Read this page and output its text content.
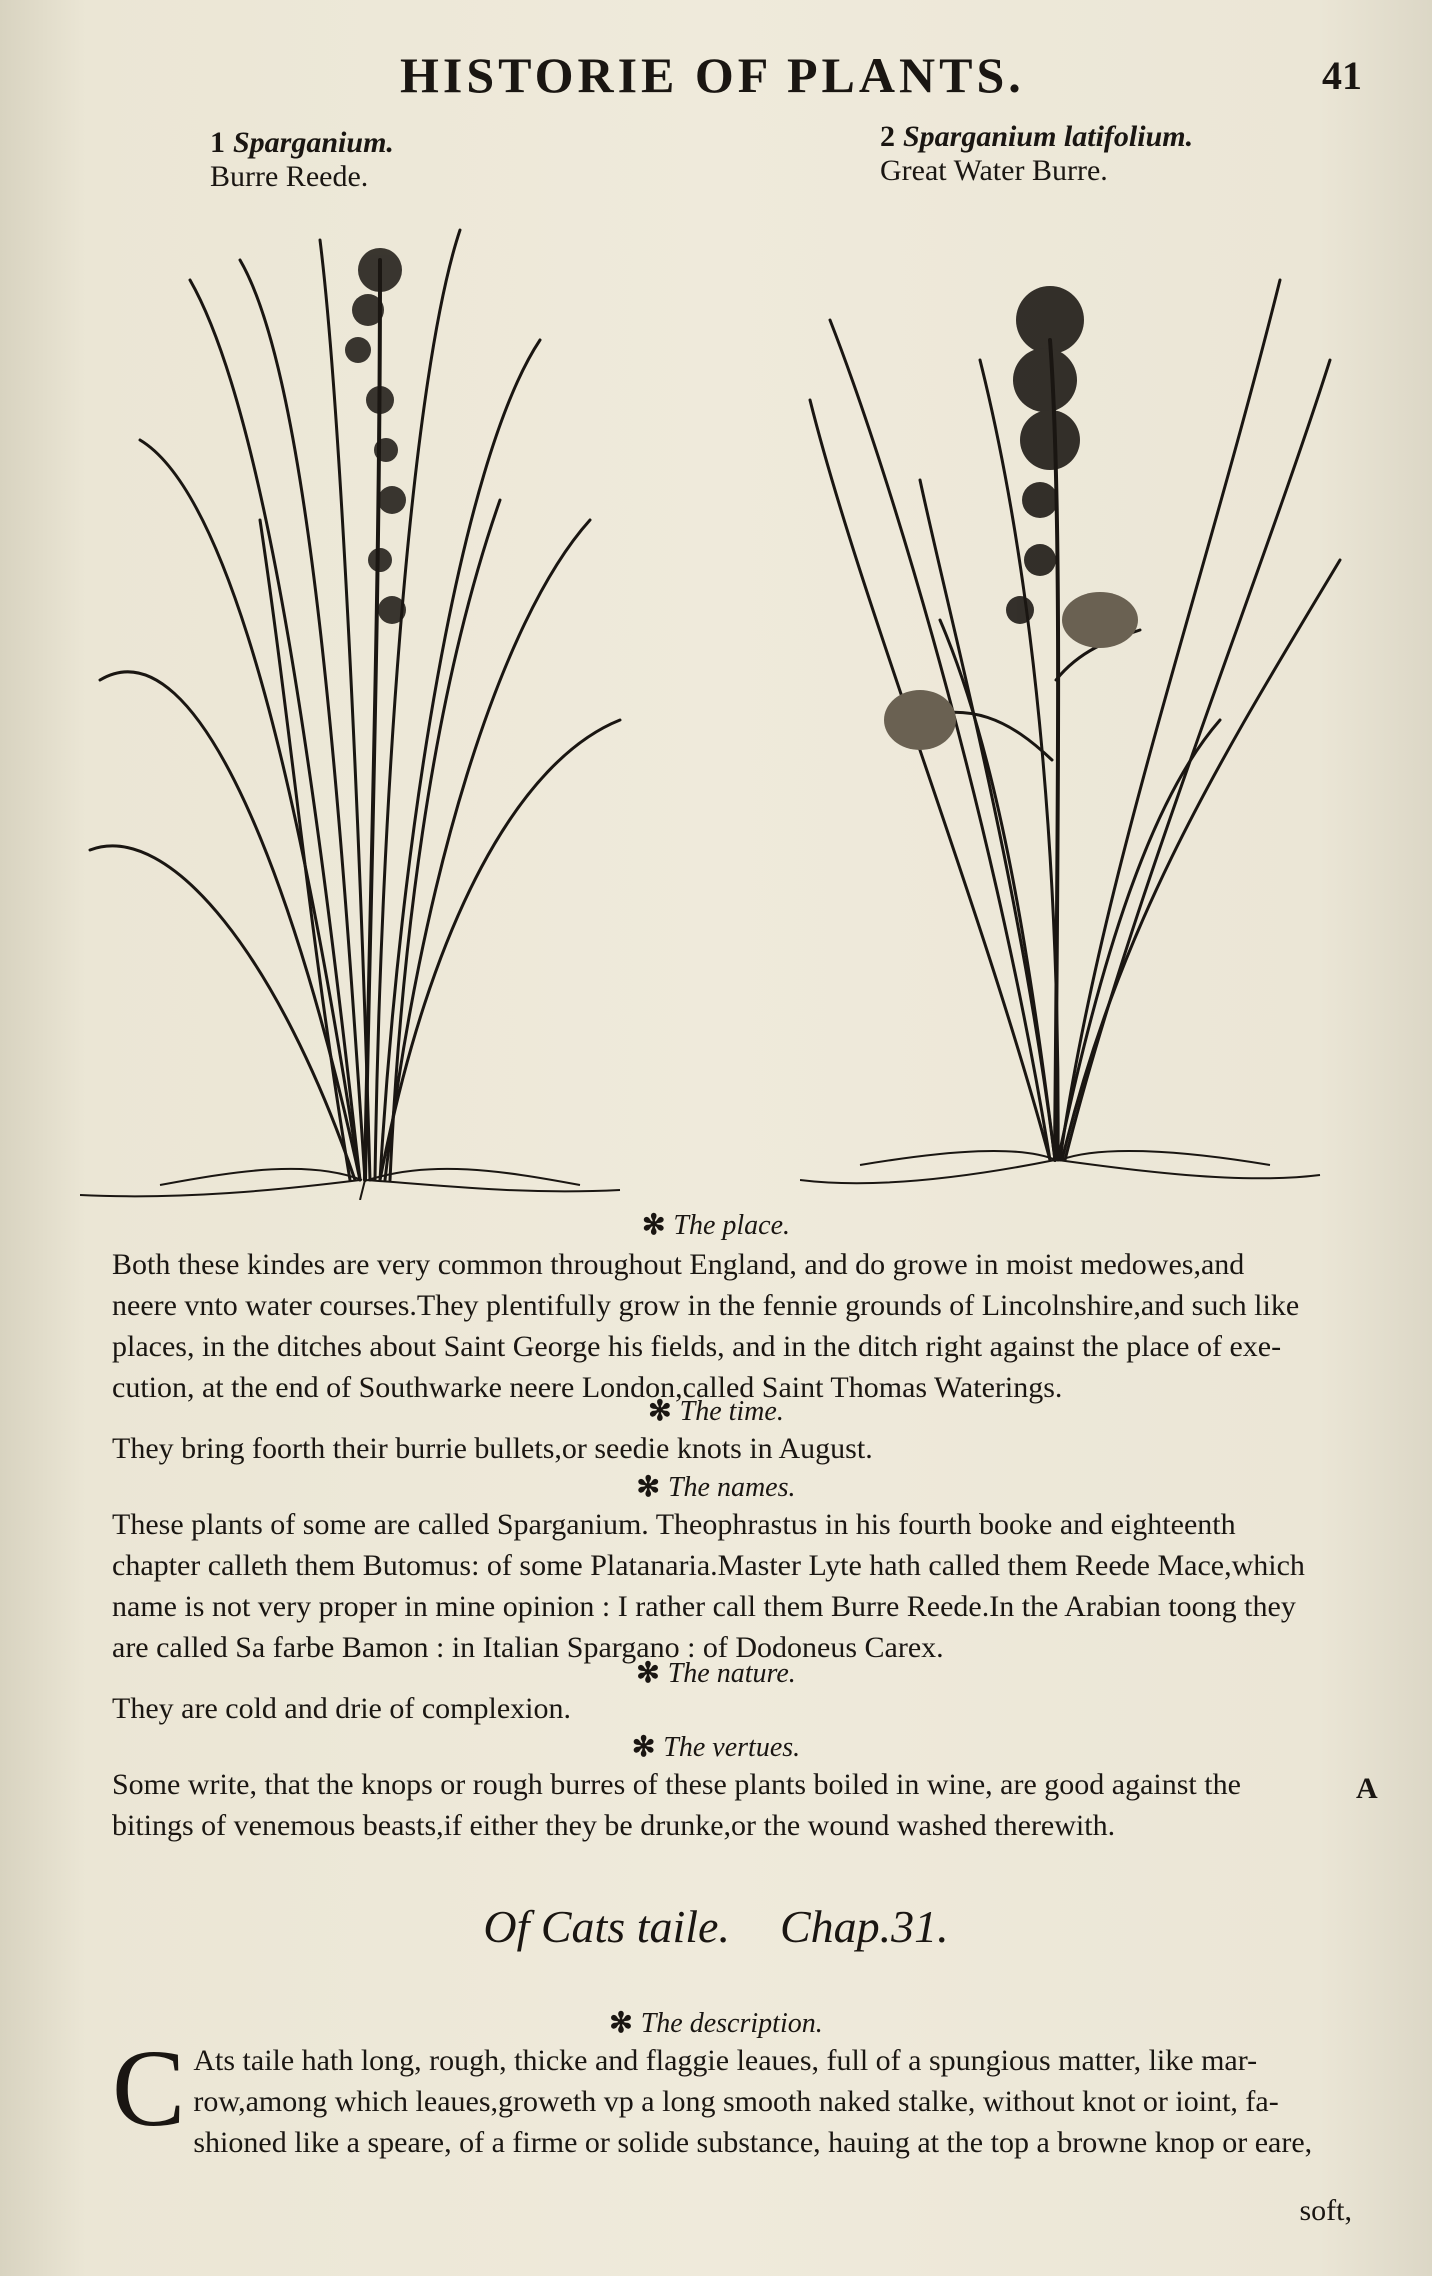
HISTORIE OF PLANTS.	41
1 Sparganium.
Burre Reede.
2 Sparganium latifolium.
Great Water Burre.
✻ The place.

Both these kindes are very common throughout England, and do growe in moist medowes,and

neere vnto water courses.They plentifully grow in the fennie grounds of Lincolnshire,and such like

places, in the ditches about Saint George his fields, and in the ditch right against the place of exe-

cution, at the end of Southwarke neere London,called Saint Thomas Waterings.

✻ The time.

They bring foorth their burrie bullets,or seedie knots in August.

✻ The names.

These plants of some are called Sparganium. Theophrastus in his fourth booke and eighteenth

chapter calleth them Butomus: of some Platanaria.Master Lyte hath called them Reede Mace,which

name is not very proper in mine opinion : I rather call them Burre Reede.In the Arabian toong they

are called Sa farbe Bamon : in Italian Spargano : of Dodoneus Carex.

✻ The nature.

They are cold and drie of complexion.

✻ The vertues.

Some write, that the knops or rough burres of these plants boiled in wine, are good against the

bitings of venemous beasts,if either they be drunke,or the wound washed therewith.

A
Of Cats taile. Chap.31.
✻ The description.
C Ats taile hath long, rough, thicke and flaggie leaues, full of a spungious matter, like mar-

row,among which leaues,groweth vp a long smooth naked stalke, without knot or ioint, fa-

shioned like a speare, of a firme or solide substance, hauing at the top a browne knop or eare,

soft,
